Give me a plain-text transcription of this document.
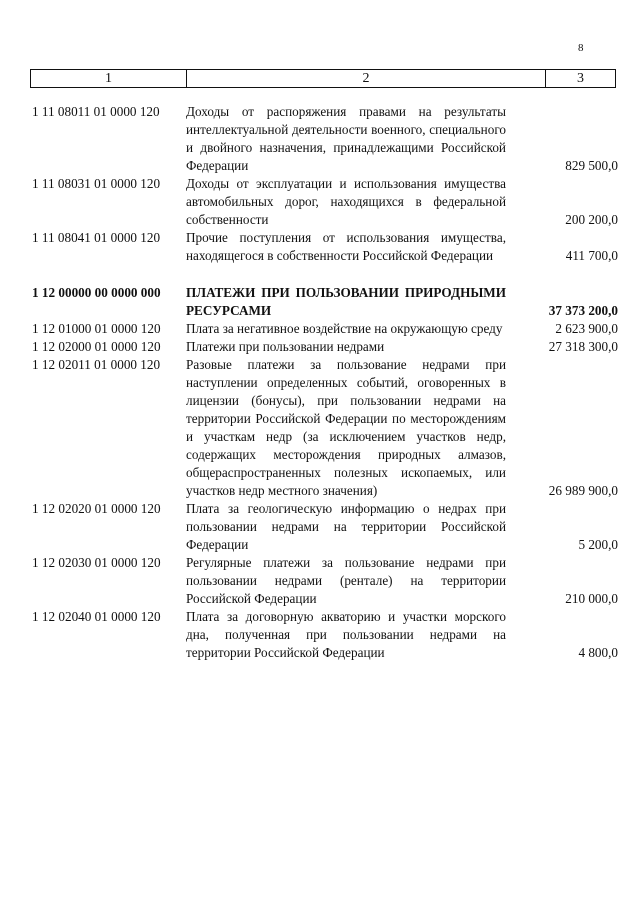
8
1	2	3
1 11 08011 01 0000 120	Доходы от распоряжения правами на результаты интеллектуальной деятельности военного, специального и двойного назначения, принадлежащими Российской Федерации	829 500,0
1 11 08031 01 0000 120	Доходы от эксплуатации и использования имущества автомобильных дорог, находящихся в федеральной собственности	200 200,0
1 11 08041 01 0000 120	Прочие поступления от использования имущества, находящегося в собственности Российской Федерации	411 700,0
1 12 00000 00 0000 000	ПЛАТЕЖИ ПРИ ПОЛЬЗОВАНИИ ПРИРОДНЫМИ РЕСУРСАМИ	37 373 200,0
1 12 01000 01 0000 120	Плата за негативное воздействие на окружающую среду	2 623 900,0
1 12 02000 01 0000 120	Платежи при пользовании недрами	27 318 300,0
1 12 02011 01 0000 120	Разовые платежи за пользование недрами при наступлении определенных событий, оговоренных в лицензии (бонусы), при пользовании недрами на территории Российской Федерации по месторождениям и участкам недр (за исключением участков недр, содержащих месторождения природных алмазов, общераспространенных полезных ископаемых, или участков недр местного значения)	26 989 900,0
1 12 02020 01 0000 120	Плата за геологическую информацию о недрах при пользовании недрами на территории Российской Федерации	5 200,0
1 12 02030 01 0000 120	Регулярные платежи за пользование недрами при пользовании недрами (рентале) на территории Российской Федерации	210 000,0
1 12 02040 01 0000 120	Плата за договорную акваторию и участки морского дна, полученная при пользовании недрами на территории Российской Федерации	4 800,0
